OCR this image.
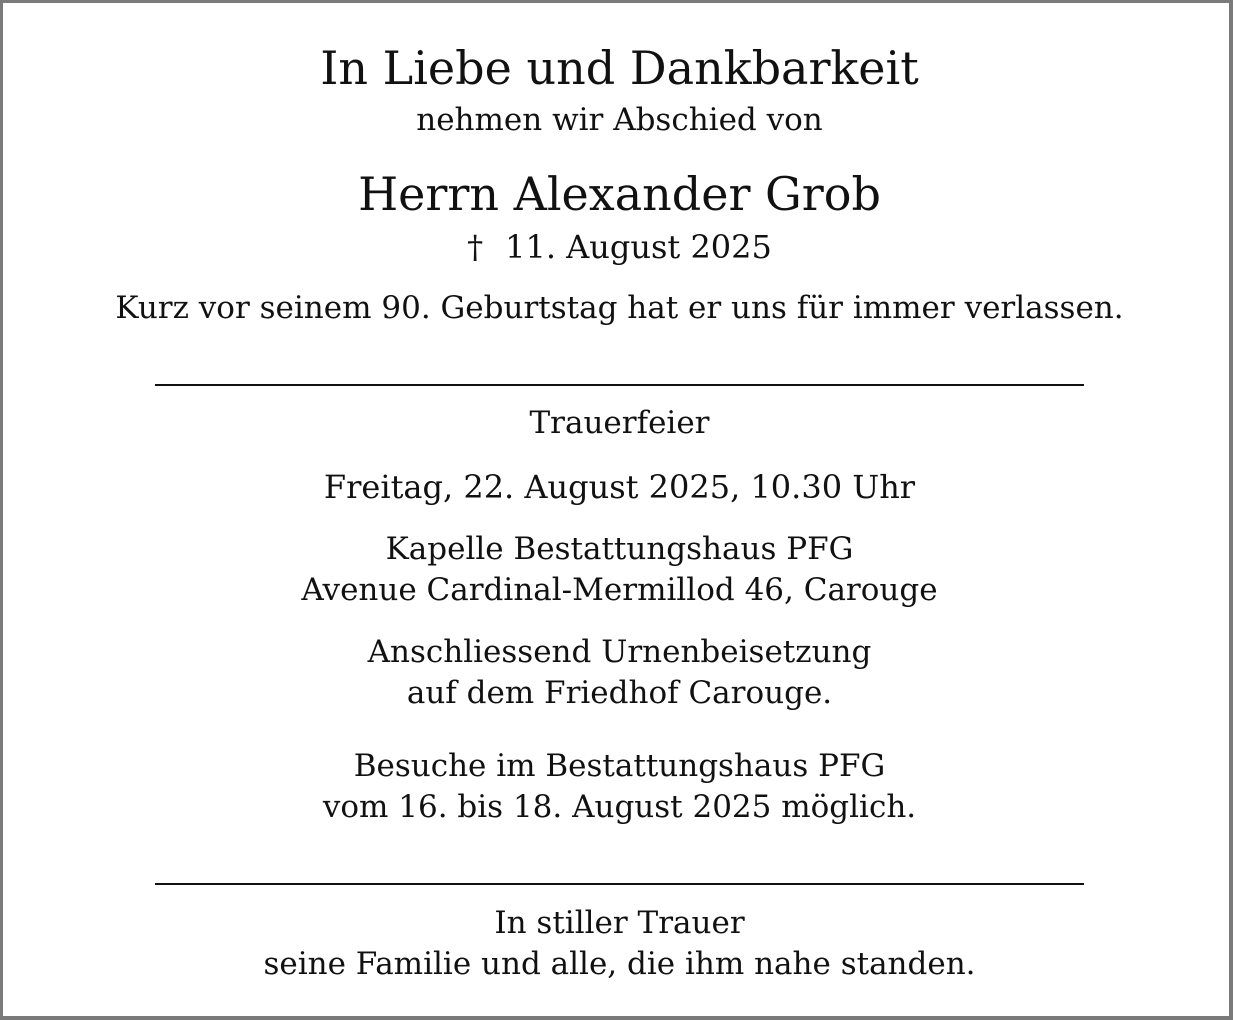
In Liebe und Dankbarkeit
nehmen wir Abschied von
Herrn Alexander Grob
† 11. August 2025
Kurz vor seinem 90. Geburtstag hat er uns für immer verlassen.
Trauerfeier
Freitag, 22. August 2025, 10.30 Uhr
Kapelle Bestattungshaus PFG
Avenue Cardinal-Mermillod 46, Carouge
Anschliessend Urnenbeisetzung
auf dem Friedhof Carouge.
Besuche im Bestattungshaus PFG
vom 16. bis 18. August 2025 möglich.
In stiller Trauer
seine Familie und alle, die ihm nahe standen.
